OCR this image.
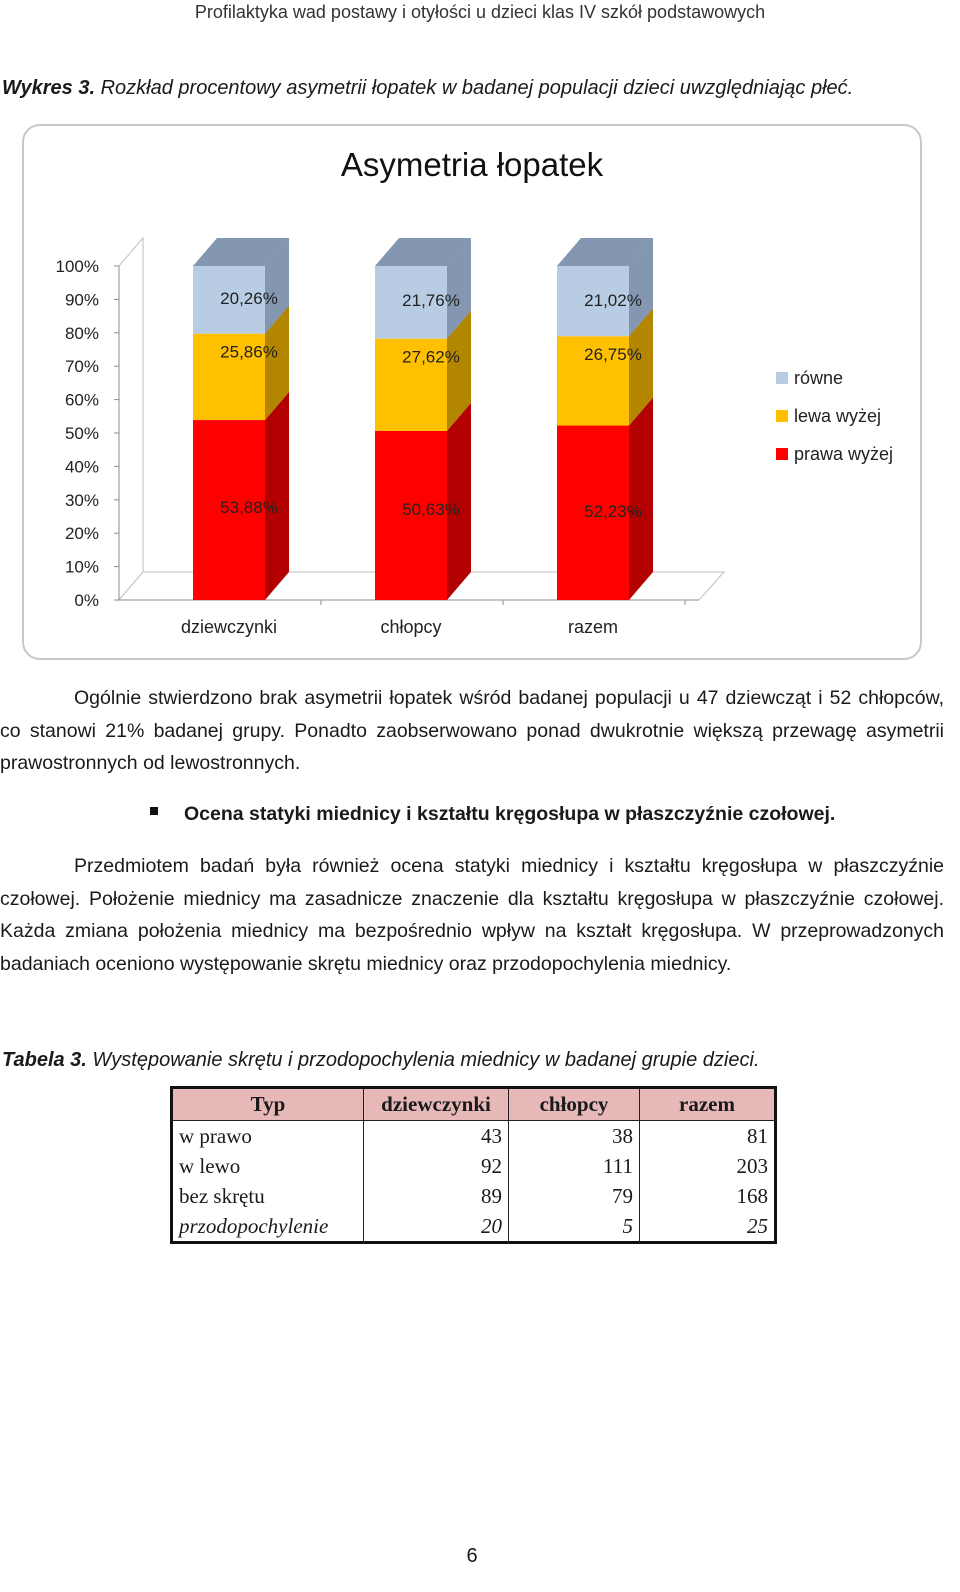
Profilaktyka wad postawy i otyłości u dzieci klas IV szkół podstawowych
Wykres 3. Rozkład procentowy asymetrii łopatek w badanej populacji dzieci uwzględniając płeć.
Asymetria łopatek
0%
10%
20%
30%
40%
50%
60%
70%
80%
90%
100%
dziewczynki	chłopcy	razem
53,88%
25,86%
20,26%
50,63%
27,62%
21,76%
52,23%
26,75%
21,02%
równe
lewa wyżej
prawa wyżej
Ogólnie stwierdzono brak asymetrii łopatek wśród badanej populacji u 47 dziewcząt i 52 chłopców, co stanowi 21% badanej grupy. Ponadto zaobserwowano ponad dwukrotnie większą przewagę asymetrii prawostronnych od lewostronnych.
Ocena statyki miednicy i kształtu kręgosłupa w płaszczyźnie czołowej.
Przedmiotem badań była również ocena statyki miednicy i kształtu kręgosłupa w płaszczyźnie czołowej. Położenie miednicy ma zasadnicze znaczenie dla kształtu kręgosłupa w płaszczyźnie czołowej. Każda zmiana położenia miednicy ma bezpośrednio wpływ na kształt kręgosłupa. W przeprowadzonych badaniach oceniono występowanie skrętu miednicy oraz przodopochylenia miednicy.
Tabela 3. Występowanie skrętu i przodopochylenia miednicy w badanej grupie dzieci.
Typ	dziewczynki	chłopcy	razem
w prawo	43	38	81
w lewo	92	111	203
bez skrętu	89	79	168
przodopochylenie	20	5	25
6
